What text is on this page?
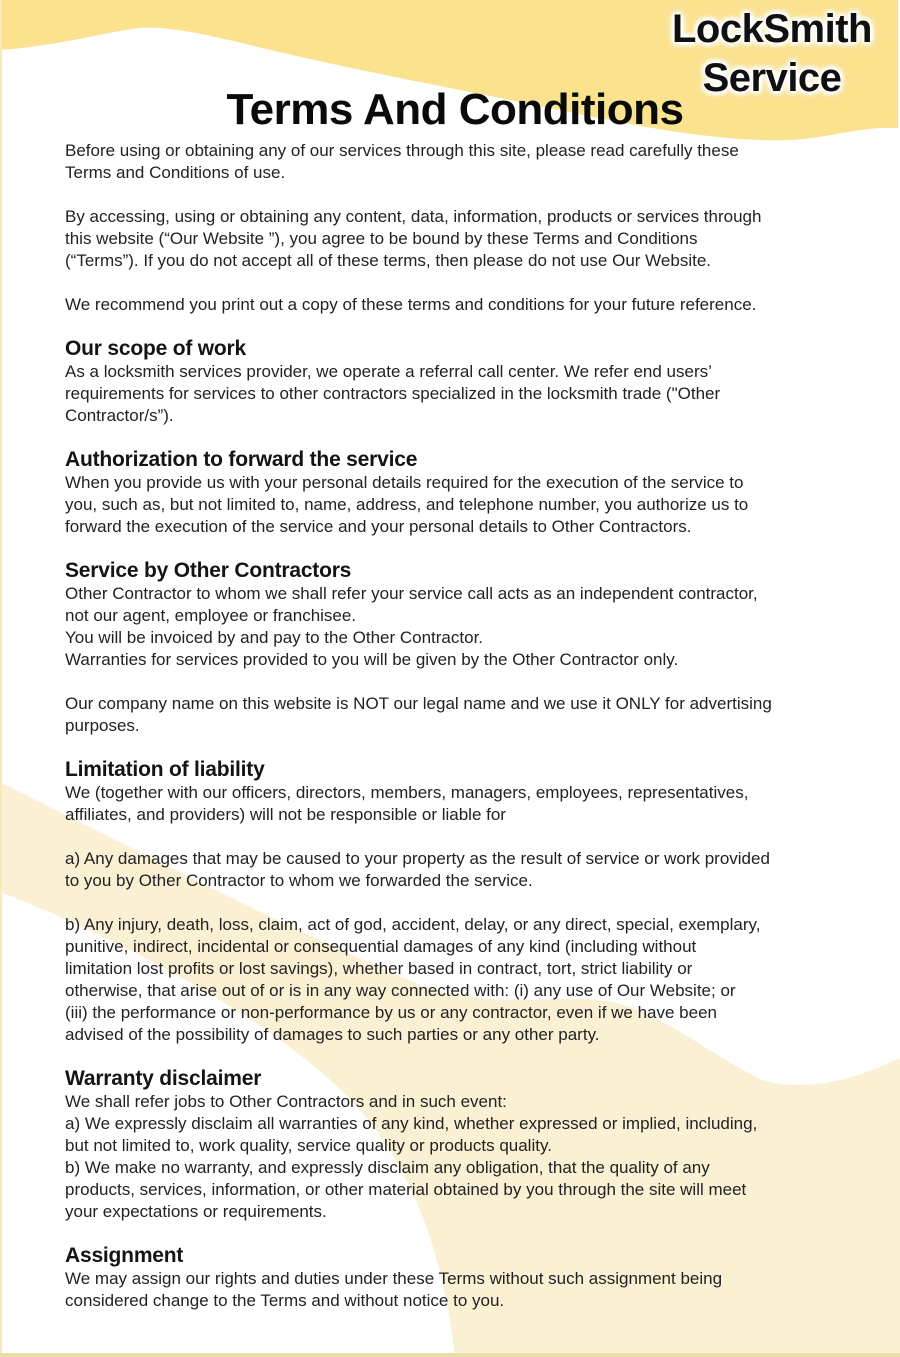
LockSmith
Service
Terms And Conditions
Before using or obtaining any of our services through this site, please read carefully these
Terms and Conditions of use.
By accessing, using or obtaining any content, data, information, products or services through
this website (“Our Website ”), you agree to be bound by these Terms and Conditions
(“Terms”). If you do not accept all of these terms, then please do not use Our Website.
We recommend you print out a copy of these terms and conditions for your future reference.
Our scope of work
As a locksmith services provider, we operate a referral call center. We refer end users’
requirements for services to other contractors specialized in the locksmith trade ("Other
Contractor/s”).
Authorization to forward the service
When you provide us with your personal details required for the execution of the service to
you, such as, but not limited to, name, address, and telephone number, you authorize us to
forward the execution of the service and your personal details to Other Contractors.
Service by Other Contractors
Other Contractor to whom we shall refer your service call acts as an independent contractor,
not our agent, employee or franchisee.
You will be invoiced by and pay to the Other Contractor.
Warranties for services provided to you will be given by the Other Contractor only.
Our company name on this website is NOT our legal name and we use it ONLY for advertising
purposes.
Limitation of liability
We (together with our officers, directors, members, managers, employees, representatives,
affiliates, and providers) will not be responsible or liable for
a) Any damages that may be caused to your property as the result of service or work provided
to you by Other Contractor to whom we forwarded the service.
b) Any injury, death, loss, claim, act of god, accident, delay, or any direct, special, exemplary,
punitive, indirect, incidental or consequential damages of any kind (including without
limitation lost profits or lost savings), whether based in contract, tort, strict liability or
otherwise, that arise out of or is in any way connected with: (i) any use of Our Website; or
(iii) the performance or non-performance by us or any contractor, even if we have been
advised of the possibility of damages to such parties or any other party.
Warranty disclaimer
We shall refer jobs to Other Contractors and in such event:
a) We expressly disclaim all warranties of any kind, whether expressed or implied, including,
but not limited to, work quality, service quality or products quality.
b) We make no warranty, and expressly disclaim any obligation, that the quality of any
products, services, information, or other material obtained by you through the site will meet
your expectations or requirements.
Assignment
We may assign our rights and duties under these Terms without such assignment being
considered change to the Terms and without notice to you.
